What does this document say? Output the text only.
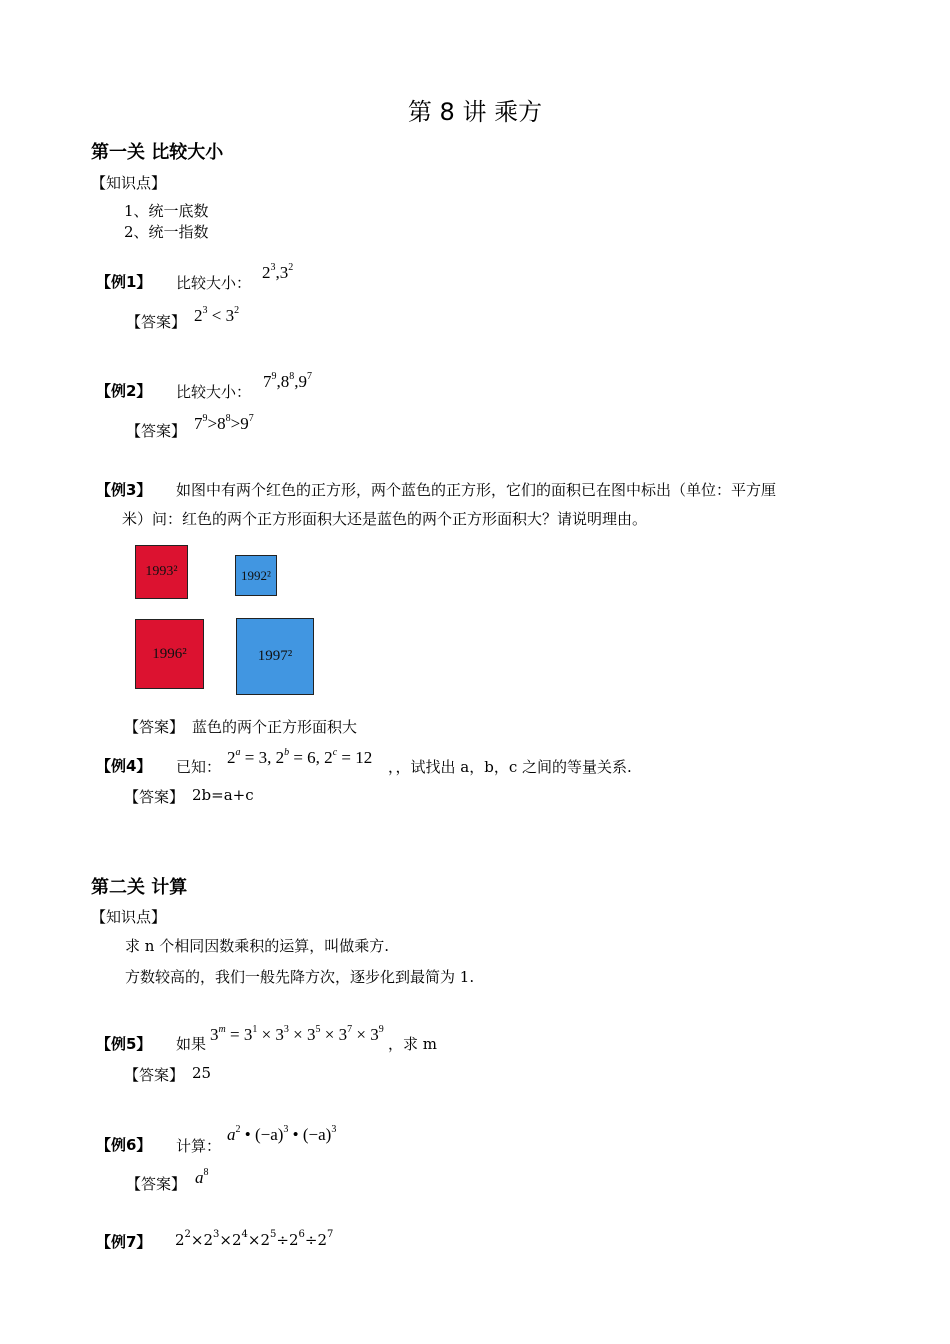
第 8 讲 乘方
第一关 比较大小
【知识点】
1、统一底数
2、统一指数
【例1】 比较大小：
$2^3,3^2$
【答案】 $2^3 < 3^2$
【例2】 比较大小：
$7^9,8^8,9^7$
【答案】 $7^9>8^8>9^7$
【例3】 如图中有两个红色的正方形，两个蓝色的正方形，它们的面积已在图中标出（单位：平方厘
米）问：红色的两个正方形面积大还是蓝色的两个正方形面积大？请说明理由。
1993²	1992²
1996²	1997²
【答案】 蓝色的两个正方形面积大
【例4】 已知： $2^a = 3$, $2^b = 6$, $2^c = 12$ ，，试找出 a，b，c 之间的等量关系.
【答案】 2b=a+c
第二关 计算
【知识点】
求 n 个相同因数乘积的运算，叫做乘方.
方数较高的，我们一般先降方次，逐步化到最简为 1.
【例5】 如果 $3^m = 3^1 \times 3^3 \times 3^5 \times 3^7 \times 3^9$
，求 m
【答案】 25
【例6】 计算：
$a^2$ • $(-a)^3$ • $(-a)^3$
【答案】 $a^8$
【例7】 $2^2\times 2^3\times 2^4\times 2^5\div 2^6\div 2^7$
